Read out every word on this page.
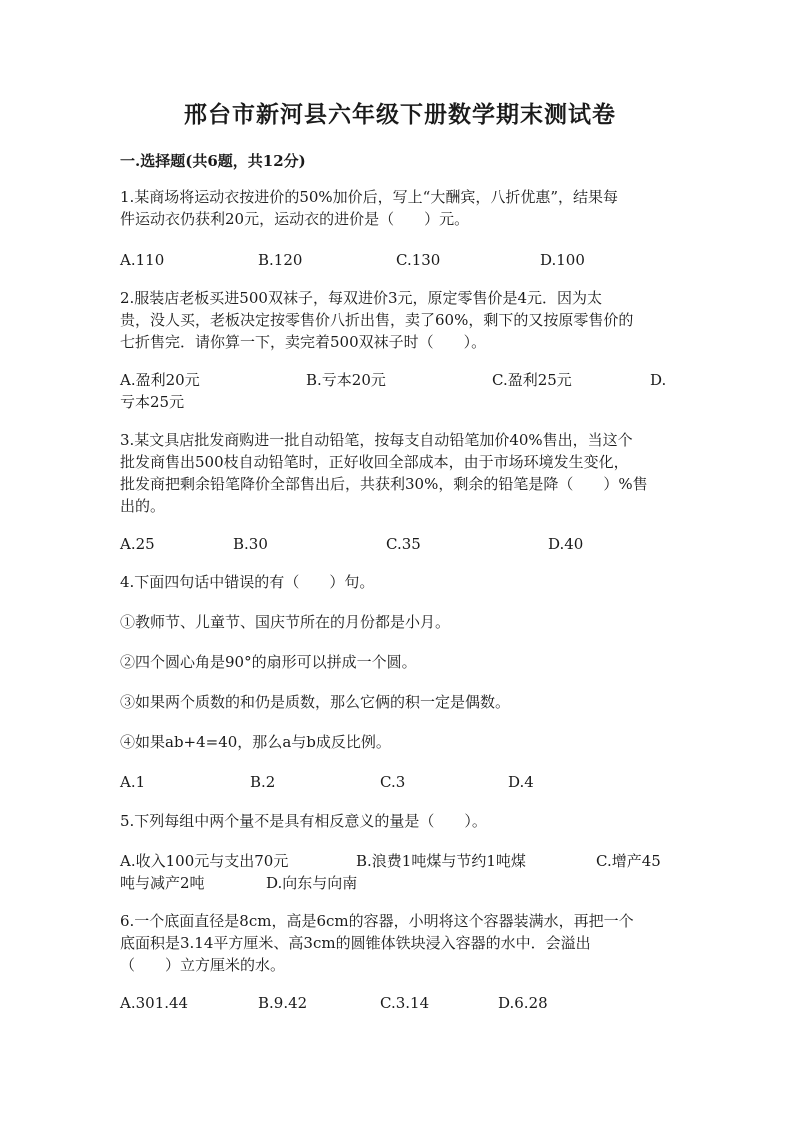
邢台市新河县六年级下册数学期末测试卷
一.选择题(共6题，共12分)
1.某商场将运动衣按进价的50%加价后，写上“大酬宾，八折优惠”，结果每
件运动衣仍获利20元，运动衣的进价是（　　）元。
A.110	B.120	C.130	D.100
2.服装店老板买进500双袜子，每双进价3元，原定零售价是4元．因为太
贵，没人买，老板决定按零售价八折出售，卖了60%，剩下的又按原零售价的
七折售完．请你算一下，卖完着500双袜子时（　　）。
A.盈利20元	B.亏本20元	C.盈利25元	D.
亏本25元
3.某文具店批发商购进一批自动铅笔，按每支自动铅笔加价40%售出，当这个
批发商售出500枝自动铅笔时，正好收回全部成本，由于市场环境发生变化，
批发商把剩余铅笔降价全部售出后，共获利30%，剩余的铅笔是降（　　）%售
出的。
A.25	B.30	C.35	D.40
4.下面四句话中错误的有（　　）句。
①教师节、儿童节、国庆节所在的月份都是小月。
②四个圆心角是90°的扇形可以拼成一个圆。
③如果两个质数的和仍是质数，那么它俩的积一定是偶数。
④如果ab+4=40，那么a与b成反比例。
A.1	B.2	C.3	D.4
5.下列每组中两个量不是具有相反意义的量是（　　）。
A.收入100元与支出70元	B.浪费1吨煤与节约1吨煤	C.增产45
吨与减产2吨	D.向东与向南
6.一个底面直径是8cm，高是6cm的容器，小明将这个容器装满水，再把一个
底面积是3.14平方厘米、高3cm的圆锥体铁块浸入容器的水中．会溢出
（　　）立方厘米的水。
A.301.44	B.9.42	C.3.14	D.6.28
